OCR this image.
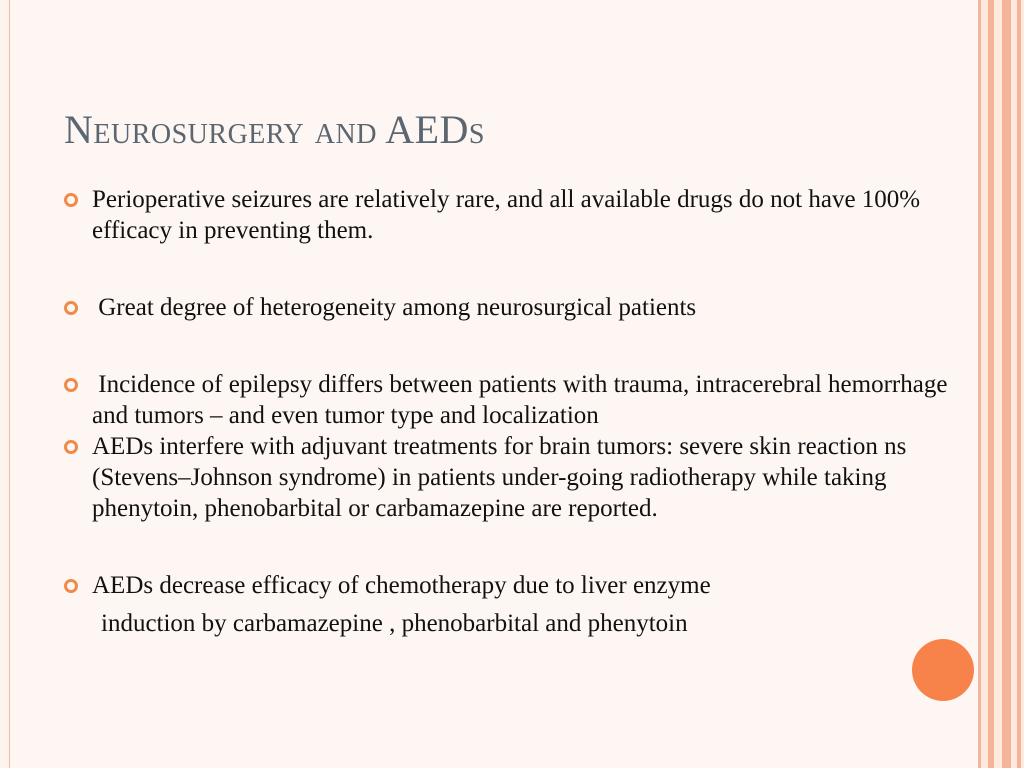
Neurosurgery and AEDs
Perioperative seizures are relatively rare, and all available drugs do not have 100% efficacy in preventing them.
Great degree of heterogeneity among neurosurgical patients
Incidence of epilepsy differs between patients with trauma, intracerebral hemorrhage and tumors – and even tumor type and localization
AEDs interfere with adjuvant treatments for brain tumors: severe skin reaction ns (Stevens–Johnson syndrome) in patients under-going radiotherapy while taking phenytoin, phenobarbital or carbamazepine are reported.
AEDs decrease efficacy of chemotherapy due to liver enzyme
induction by carbamazepine , phenobarbital and phenytoin
